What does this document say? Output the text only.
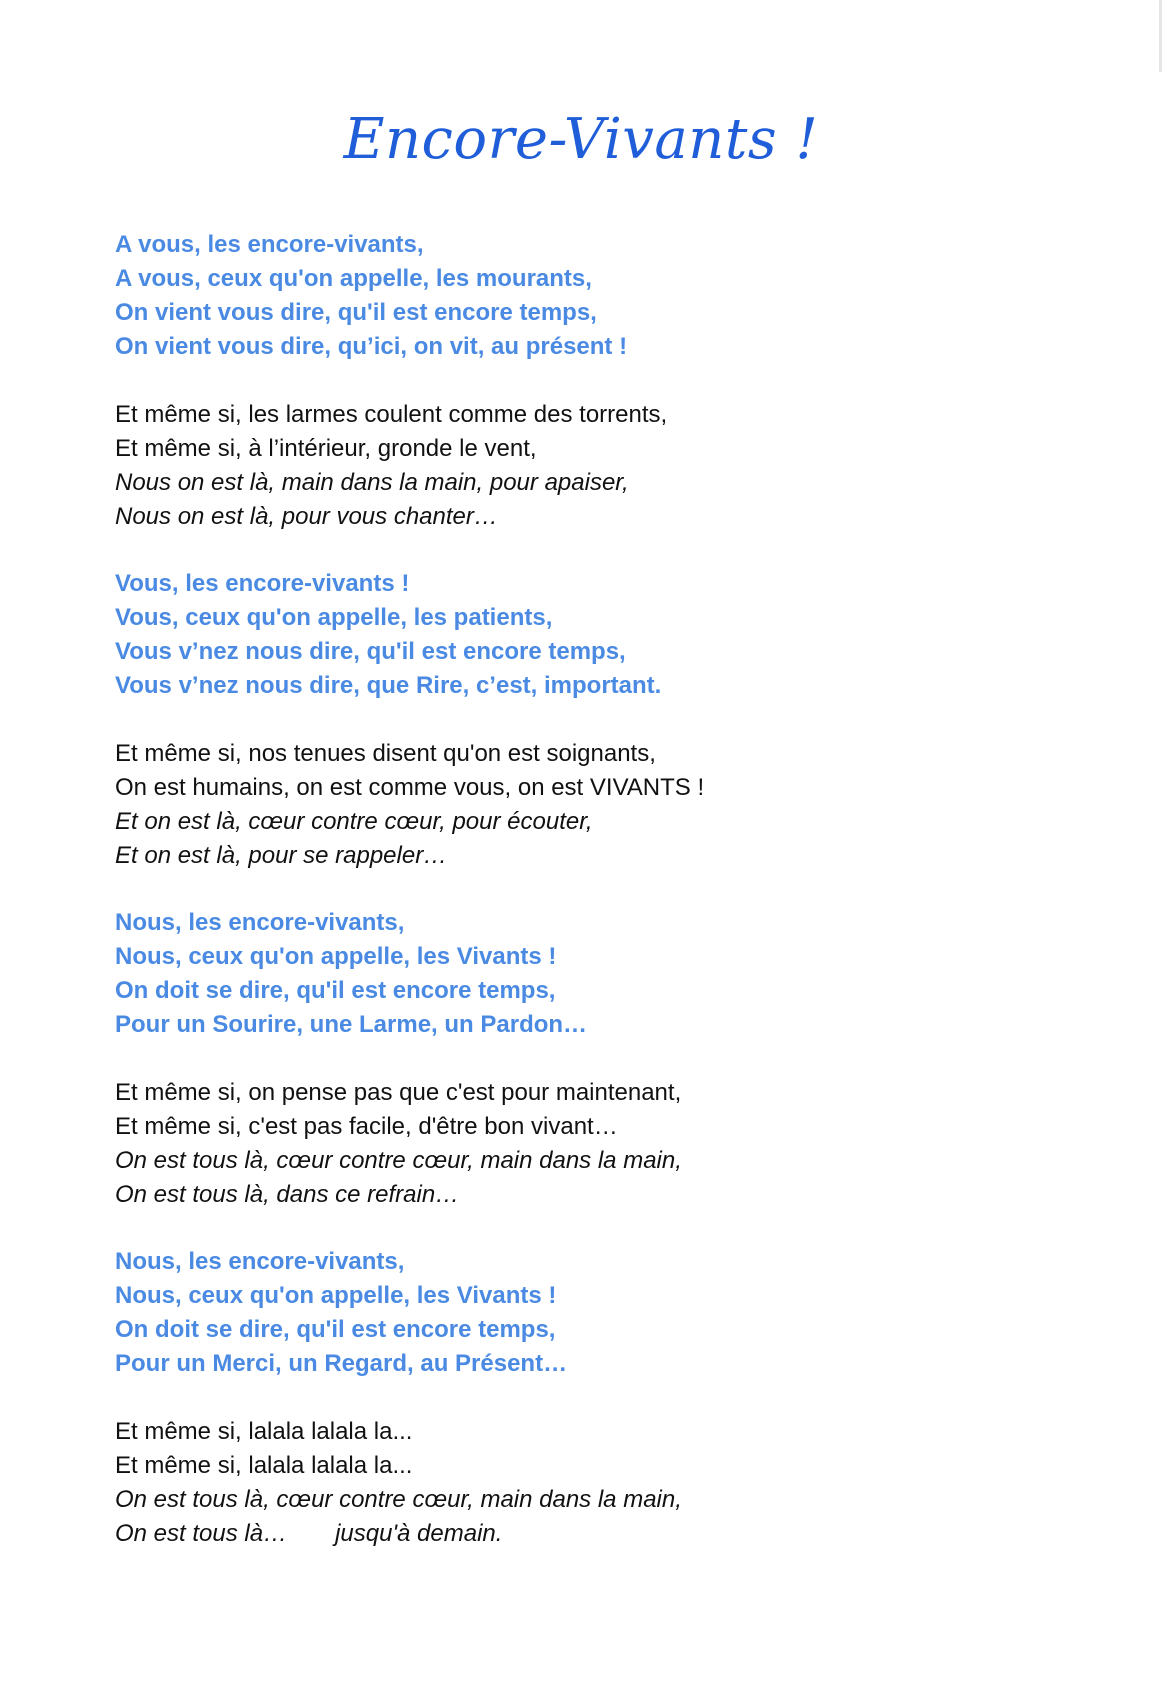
Encore-Vivants !
A vous, les encore-vivants,
A vous, ceux qu'on appelle, les mourants,
On vient vous dire, qu'il est encore temps,
On vient vous dire, qu’ici, on vit, au présent !
Et même si, les larmes coulent comme des torrents,
Et même si, à l’intérieur, gronde le vent,
Nous on est là, main dans la main, pour apaiser,
Nous on est là, pour vous chanter…
Vous, les encore-vivants !
Vous, ceux qu'on appelle, les patients,
Vous v’nez nous dire, qu'il est encore temps,
Vous v’nez nous dire, que Rire, c’est, important.
Et même si, nos tenues disent qu'on est soignants,
On est humains, on est comme vous, on est VIVANTS !
Et on est là, cœur contre cœur, pour écouter,
Et on est là, pour se rappeler…
Nous, les encore-vivants,
Nous, ceux qu'on appelle, les Vivants !
On doit se dire, qu'il est encore temps,
Pour un Sourire, une Larme, un Pardon…
Et même si, on pense pas que c'est pour maintenant,
Et même si, c'est pas facile, d'être bon vivant…
On est tous là, cœur contre cœur, main dans la main,
On est tous là, dans ce refrain…
Nous, les encore-vivants,
Nous, ceux qu'on appelle, les Vivants !
On doit se dire, qu'il est encore temps,
Pour un Merci, un Regard, au Présent…
Et même si, lalala lalala la...
Et même si, lalala lalala la...
On est tous là, cœur contre cœur, main dans la main,
On est tous là… jusqu'à demain.
